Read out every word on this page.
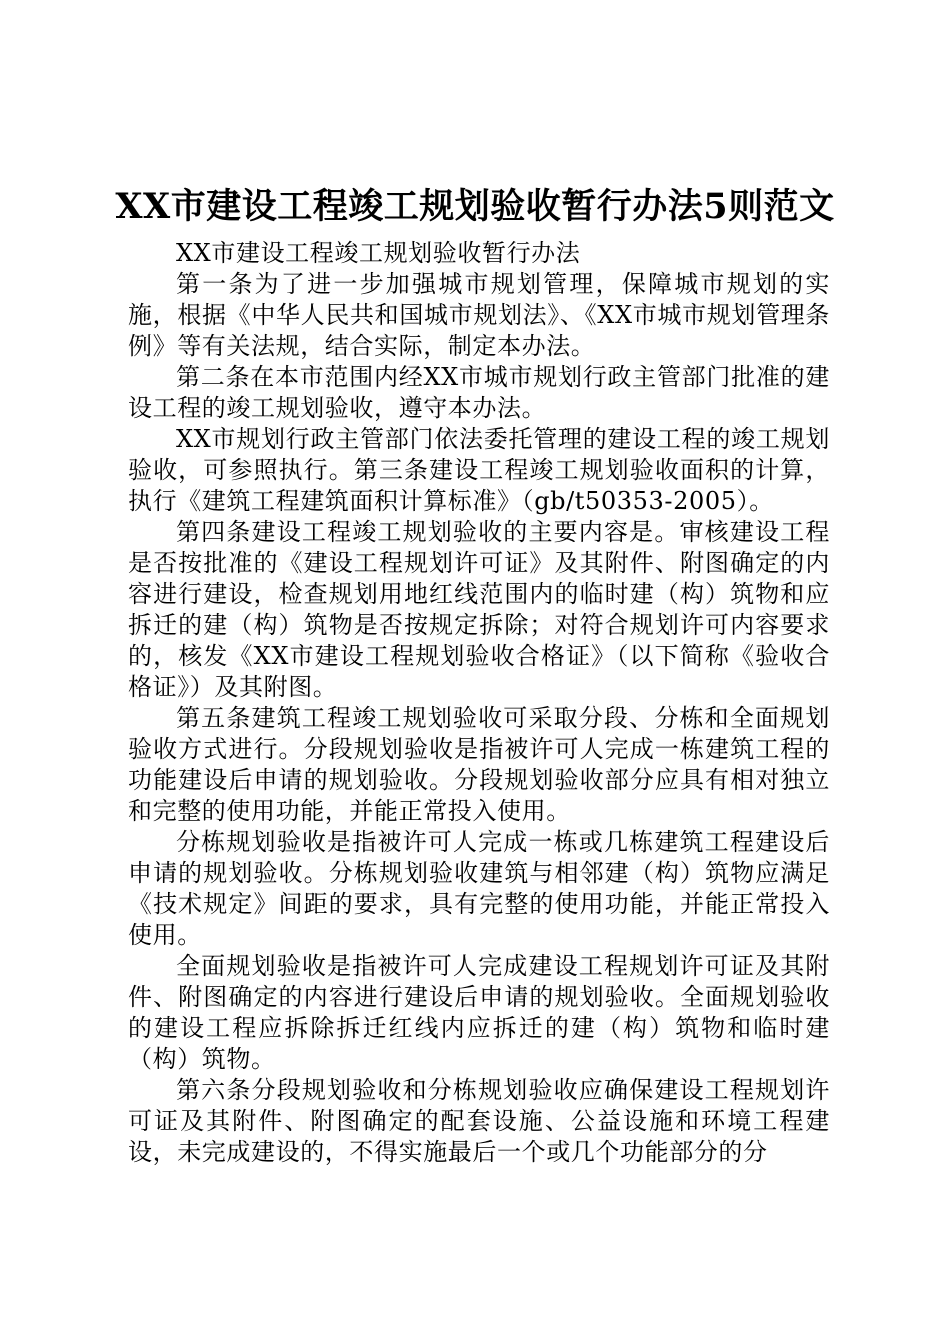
XX市建设工程竣工规划验收暂行办法5则范文

XX市建设工程竣工规划验收暂行办法

第一条为了进一步加强城市规划管理，保障城市规划的实施，根据《中华人民共和国城市规划法》、《XX市城市规划管理条例》等有关法规，结合实际，制定本办法。

第二条在本市范围内经XX市城市规划行政主管部门批准的建设工程的竣工规划验收，遵守本办法。

XX市规划行政主管部门依法委托管理的建设工程的竣工规划验收，可参照执行。第三条建设工程竣工规划验收面积的计算，执行《建筑工程建筑面积计算标准》（gb/t50353-2005）。

第四条建设工程竣工规划验收的主要内容是。审核建设工程是否按批准的《建设工程规划许可证》及其附件、附图确定的内容进行建设，检查规划用地红线范围内的临时建（构）筑物和应拆迁的建（构）筑物是否按规定拆除；对符合规划许可内容要求的，核发《XX市建设工程规划验收合格证》（以下简称《验收合格证》）及其附图。

第五条建筑工程竣工规划验收可采取分段、分栋和全面规划验收方式进行。分段规划验收是指被许可人完成一栋建筑工程的功能建设后申请的规划验收。分段规划验收部分应具有相对独立和完整的使用功能，并能正常投入使用。

分栋规划验收是指被许可人完成一栋或几栋建筑工程建设后申请的规划验收。分栋规划验收建筑与相邻建（构）筑物应满足《技术规定》间距的要求，具有完整的使用功能，并能正常投入使用。

全面规划验收是指被许可人完成建设工程规划许可证及其附件、附图确定的内容进行建设后申请的规划验收。全面规划验收的建设工程应拆除拆迁红线内应拆迁的建（构）筑物和临时建（构）筑物。

第六条分段规划验收和分栋规划验收应确保建设工程规划许可证及其附件、附图确定的配套设施、公益设施和环境工程建设，未完成建设的，不得实施最后一个或几个功能部分的分
